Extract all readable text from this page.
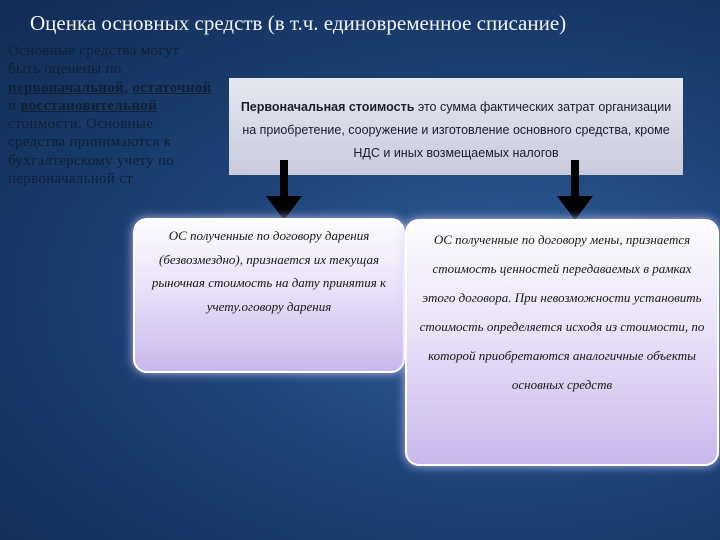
Оценка основных средств (в т.ч. единовременное списание)
Основные средства могут быть оценены по первоначальной, остаточной и восстановительной стоимости. Основные средства принимаются к бухгалтерскому учету по первоначальной ст
Первоначальная стоимость это сумма фактических затрат организации на приобретение, сооружение и изготовление основного средства, кроме НДС и иных возмещаемых налогов
ОС полученные по договору дарения (безвозмездно), признается их текущая рыночная стоимость на дату принятия к учету.оговору дарения
ОС полученные по договору мены, признается стоимость ценностей передаваемых в рамках этого договора. При невозможности установить стоимость определяется исходя из стоимости, по которой приобретаются аналогичные объекты основных средств
